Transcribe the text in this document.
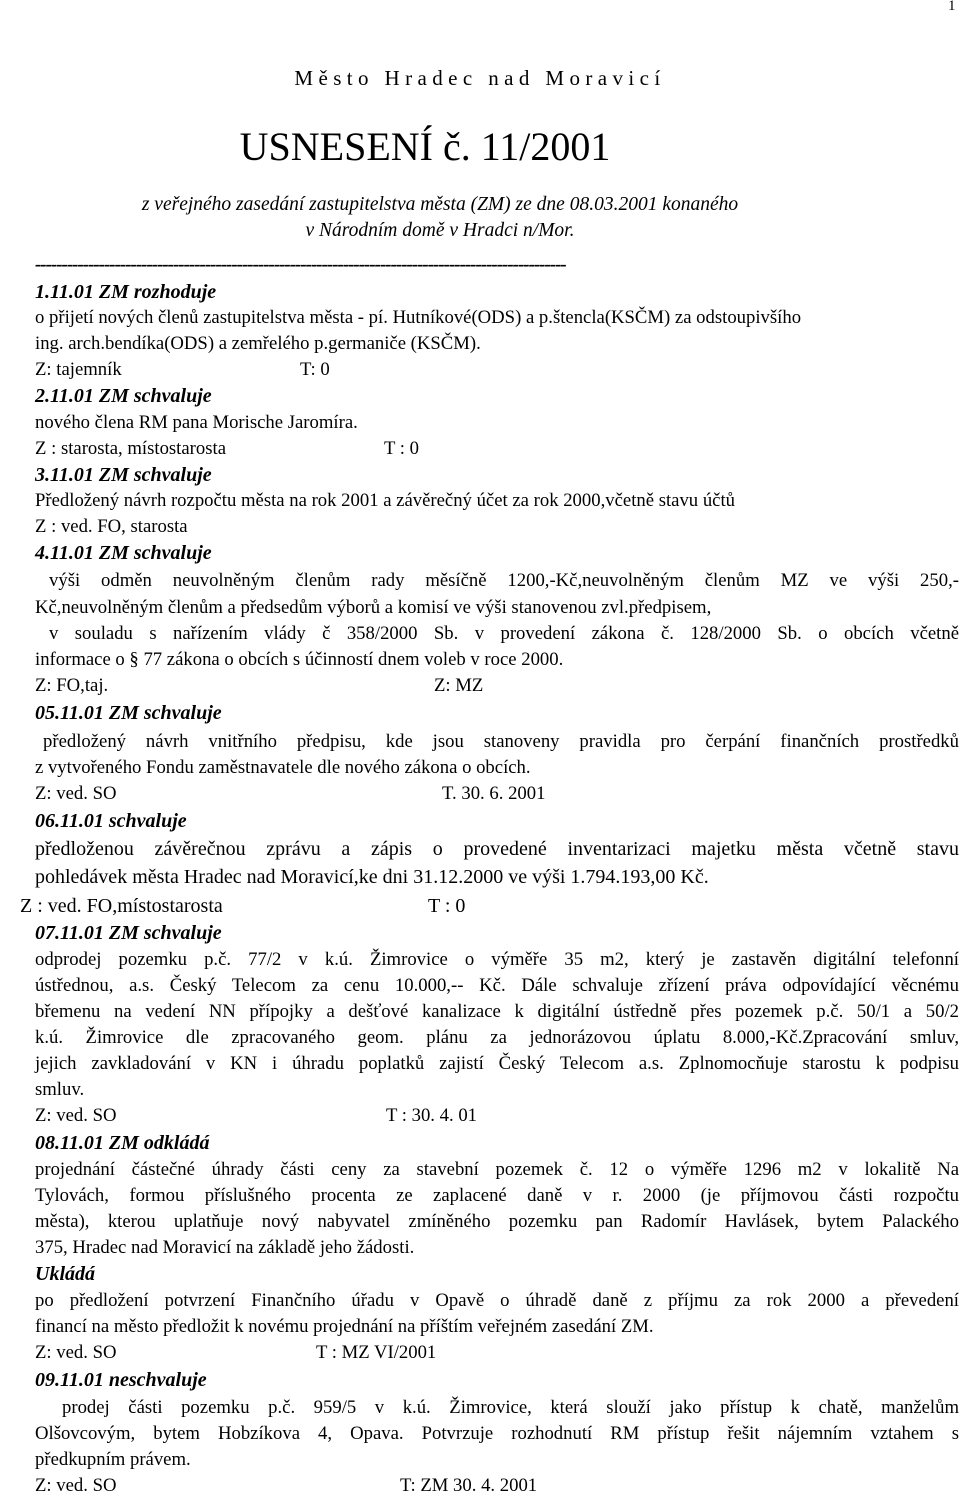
1
Město Hradec nad Moravicí
USNESENÍ č. 11/2001
z veřejného zasedání zastupitelstva města (ZM) ze dne 08.03.2001 konaného
v Národním domě v Hradci n/Mor.
----------------------------------------------------------------------------------------------------
1.11.01 ZM rozhoduje
o přijetí nových členů zastupitelstva města - pí. Hutníkové(ODS) a p.štencla(KSČM) za odstoupivšího
ing. arch.bendíka(ODS) a zemřelého p.germaniče (KSČM).
Z: tajemník	T: 0
2.11.01 ZM schvaluje
nového člena RM pana Morische Jaromíra.
Z : starosta, místostarosta	T : 0
3.11.01 ZM schvaluje
Předložený návrh rozpočtu města na rok 2001 a závěrečný účet za rok 2000,včetně stavu účtů
Z : ved. FO, starosta
4.11.01 ZM schvaluje
výši odměn neuvolněným členům rady měsíčně 1200,-Kč,neuvolněným členům MZ ve výši 250,-
Kč,neuvolněným členům a předsedům výborů a komisí ve výši stanovenou zvl.předpisem,
v souladu s nařízením vlády č 358/2000 Sb. v provedení zákona č. 128/2000 Sb. o obcích včetně
informace o § 77 zákona o obcích s účinností dnem voleb v roce 2000.
Z: FO,taj.	Z: MZ
05.11.01 ZM schvaluje
předložený návrh vnitřního předpisu, kde jsou stanoveny pravidla pro čerpání finančních prostředků
z vytvořeného Fondu zaměstnavatele dle nového zákona o obcích.
Z: ved. SO	T. 30. 6. 2001
06.11.01 schvaluje
předloženou závěrečnou zprávu a zápis o provedené inventarizaci majetku města včetně stavu
pohledávek města Hradec nad Moravicí,ke dni 31.12.2000 ve výši 1.794.193,00 Kč.
Z : ved. FO,místostarosta	T : 0
07.11.01 ZM schvaluje
odprodej pozemku p.č. 77/2 v k.ú. Žimrovice o výměře 35 m2, který je zastavěn digitální telefonní
ústřednou, a.s. Český Telecom za cenu 10.000,-- Kč. Dále schvaluje zřízení práva odpovídající věcnému
břemenu na vedení NN přípojky a dešťové kanalizace k digitální ústředně přes pozemek p.č. 50/1 a 50/2
k.ú. Žimrovice dle zpracovaného geom. plánu za jednorázovou úplatu 8.000,-Kč.Zpracování smluv,
jejich zavkladování v KN i úhradu poplatků zajistí Český Telecom a.s. Zplnomocňuje starostu k podpisu
smluv.
Z: ved. SO	T : 30. 4. 01
08.11.01 ZM odkládá
projednání částečné úhrady části ceny za stavební pozemek č. 12 o výměře 1296 m2 v lokalitě Na
Tylovách, formou příslušného procenta ze zaplacené daně v r. 2000 (je příjmovou části rozpočtu
města), kterou uplatňuje nový nabyvatel zmíněného pozemku pan Radomír Havlásek, bytem Palackého
375, Hradec nad Moravicí na základě jeho žádosti.
Ukládá
po předložení potvrzení Finančního úřadu v Opavě o úhradě daně z příjmu za rok 2000 a převedení
financí na město předložit k novému projednání na příštím veřejném zasedání ZM.
Z: ved. SO	T : MZ VI/2001
09.11.01 neschvaluje
prodej části pozemku p.č. 959/5 v k.ú. Žimrovice, která slouží jako přístup k chatě, manželům
Olšovcovým, bytem Hobzíkova 4, Opava. Potvrzuje rozhodnutí RM přístup řešit nájemním vztahem s
předkupním právem.
Z: ved. SO	T: ZM 30. 4. 2001
